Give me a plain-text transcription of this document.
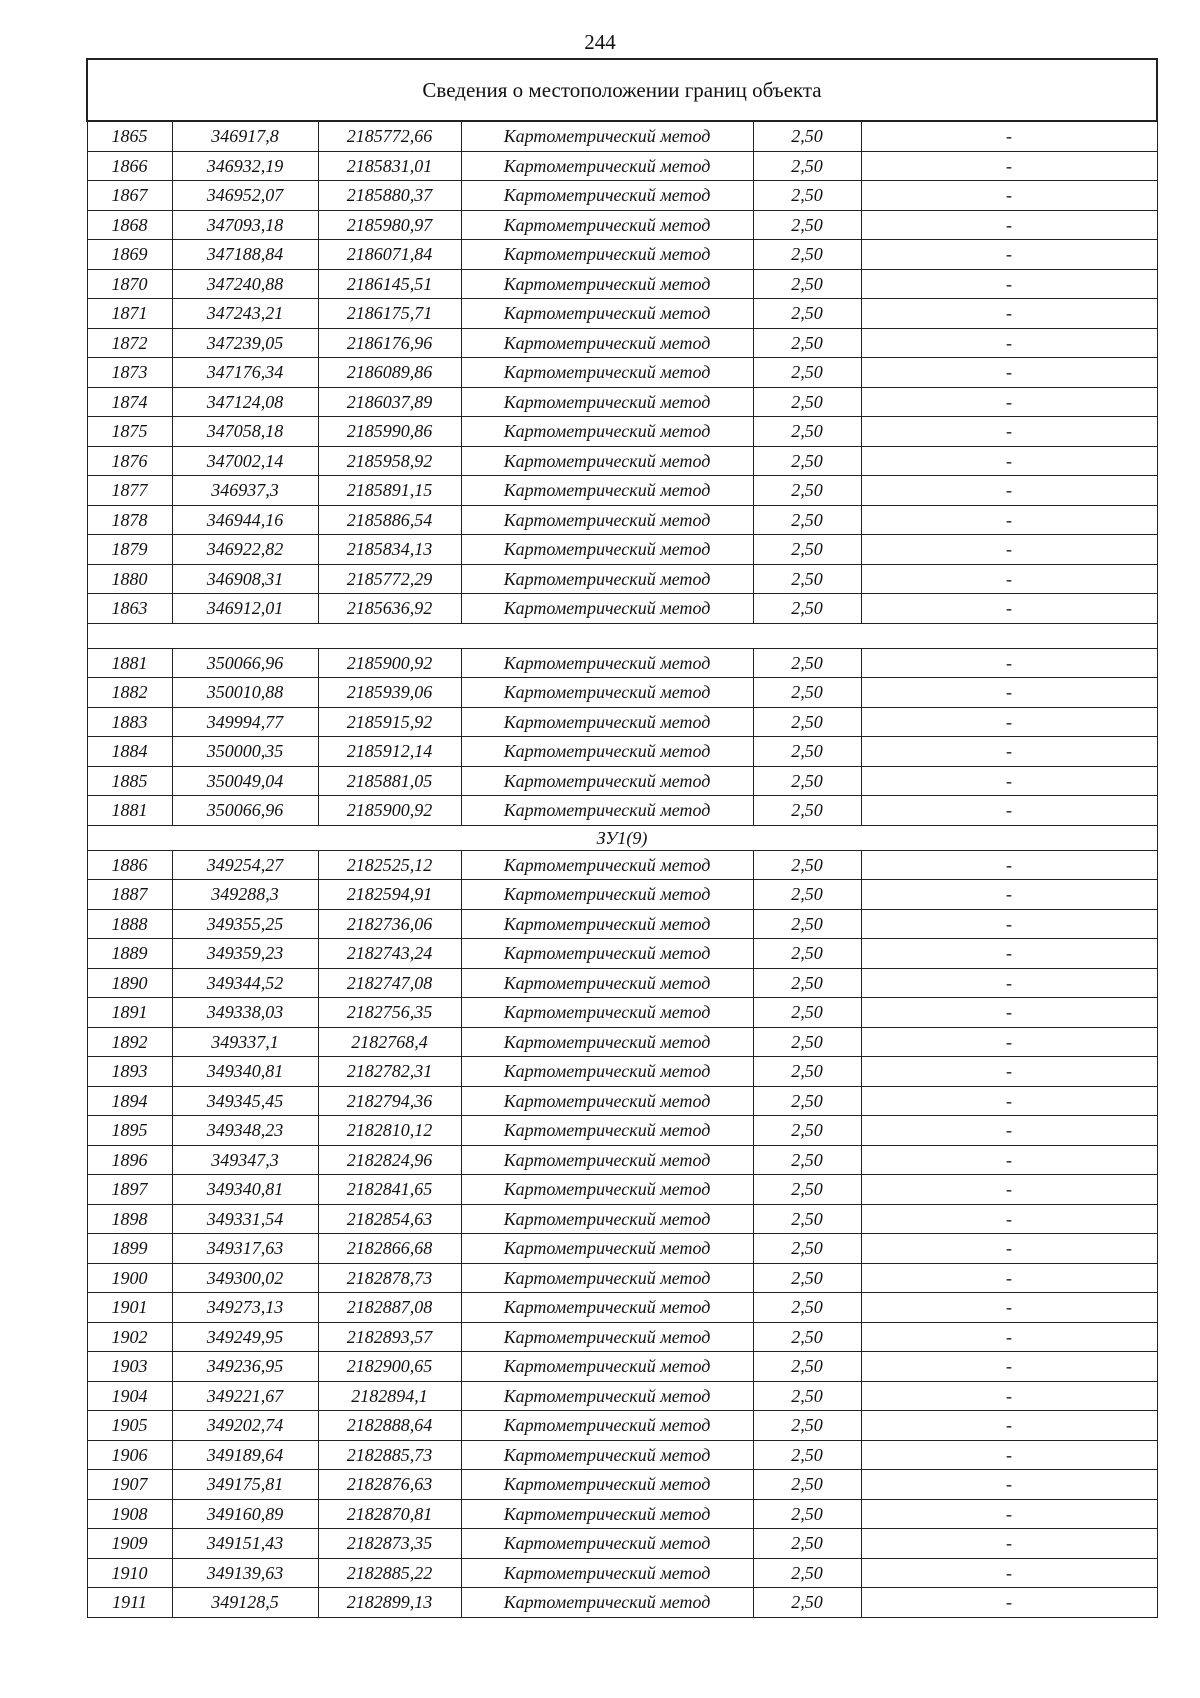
244
Сведения о местоположении границ объекта					
1865	346917,8	2185772,66	Картометрический метод	2,50	-
1866	346932,19	2185831,01	Картометрический метод	2,50	-
1867	346952,07	2185880,37	Картометрический метод	2,50	-
1868	347093,18	2185980,97	Картометрический метод	2,50	-
1869	347188,84	2186071,84	Картометрический метод	2,50	-
1870	347240,88	2186145,51	Картометрический метод	2,50	-
1871	347243,21	2186175,71	Картометрический метод	2,50	-
1872	347239,05	2186176,96	Картометрический метод	2,50	-
1873	347176,34	2186089,86	Картометрический метод	2,50	-
1874	347124,08	2186037,89	Картометрический метод	2,50	-
1875	347058,18	2185990,86	Картометрический метод	2,50	-
1876	347002,14	2185958,92	Картометрический метод	2,50	-
1877	346937,3	2185891,15	Картометрический метод	2,50	-
1878	346944,16	2185886,54	Картометрический метод	2,50	-
1879	346922,82	2185834,13	Картометрический метод	2,50	-
1880	346908,31	2185772,29	Картометрический метод	2,50	-
1863	346912,01	2185636,92	Картометрический метод	2,50	-

1881	350066,96	2185900,92	Картометрический метод	2,50	-
1882	350010,88	2185939,06	Картометрический метод	2,50	-
1883	349994,77	2185915,92	Картометрический метод	2,50	-
1884	350000,35	2185912,14	Картометрический метод	2,50	-
1885	350049,04	2185881,05	Картометрический метод	2,50	-
1881	350066,96	2185900,92	Картометрический метод	2,50	-
ЗУ1(9)					
1886	349254,27	2182525,12	Картометрический метод	2,50	-
1887	349288,3	2182594,91	Картометрический метод	2,50	-
1888	349355,25	2182736,06	Картометрический метод	2,50	-
1889	349359,23	2182743,24	Картометрический метод	2,50	-
1890	349344,52	2182747,08	Картометрический метод	2,50	-
1891	349338,03	2182756,35	Картометрический метод	2,50	-
1892	349337,1	2182768,4	Картометрический метод	2,50	-
1893	349340,81	2182782,31	Картометрический метод	2,50	-
1894	349345,45	2182794,36	Картометрический метод	2,50	-
1895	349348,23	2182810,12	Картометрический метод	2,50	-
1896	349347,3	2182824,96	Картометрический метод	2,50	-
1897	349340,81	2182841,65	Картометрический метод	2,50	-
1898	349331,54	2182854,63	Картометрический метод	2,50	-
1899	349317,63	2182866,68	Картометрический метод	2,50	-
1900	349300,02	2182878,73	Картометрический метод	2,50	-
1901	349273,13	2182887,08	Картометрический метод	2,50	-
1902	349249,95	2182893,57	Картометрический метод	2,50	-
1903	349236,95	2182900,65	Картометрический метод	2,50	-
1904	349221,67	2182894,1	Картометрический метод	2,50	-
1905	349202,74	2182888,64	Картометрический метод	2,50	-
1906	349189,64	2182885,73	Картометрический метод	2,50	-
1907	349175,81	2182876,63	Картометрический метод	2,50	-
1908	349160,89	2182870,81	Картометрический метод	2,50	-
1909	349151,43	2182873,35	Картометрический метод	2,50	-
1910	349139,63	2182885,22	Картометрический метод	2,50	-
1911	349128,5	2182899,13	Картометрический метод	2,50	-
